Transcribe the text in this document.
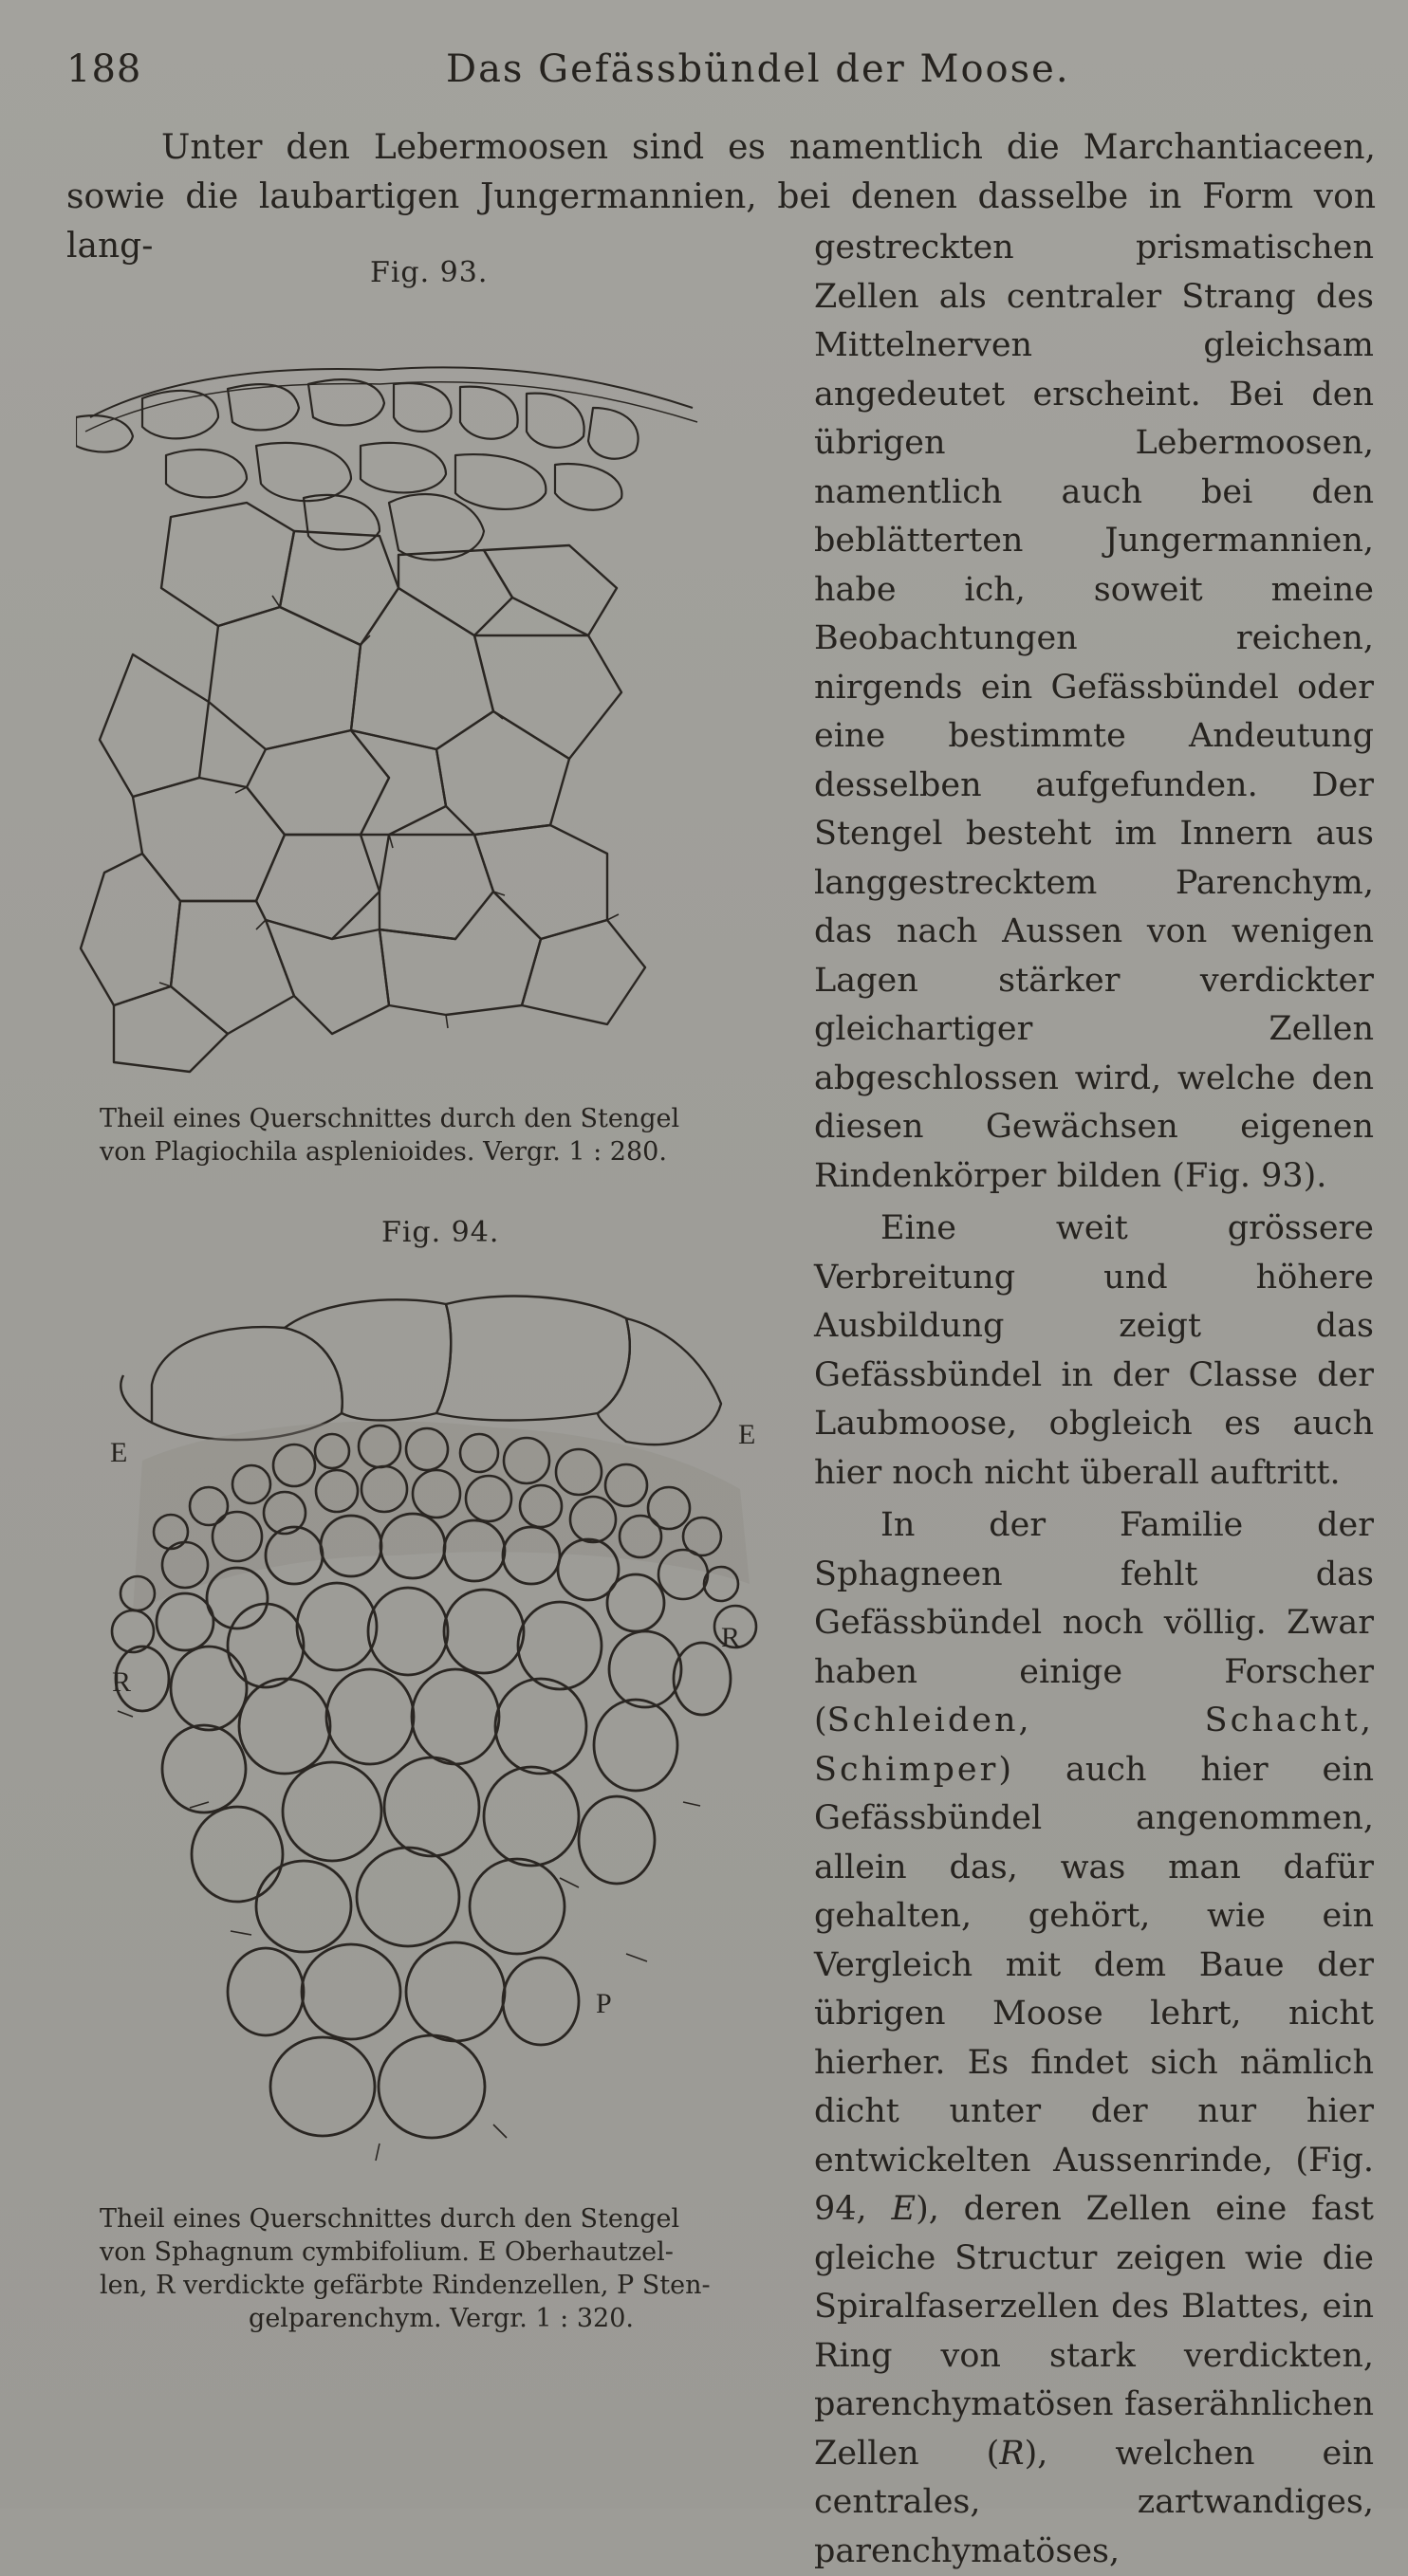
188	Das Gefässbündel der Moose.

Unter den Lebermoosen sind es namentlich die Marchantiaceen, sowie die laubartigen Jungermannien, bei denen dasselbe in Form von lang-

Fig. 93.
Theil eines Querschnittes durch den Stengel
von Plagiochila asplenioides. Vergr. 1 : 280.
Fig. 94.
E
E
R
R
P
Theil eines Querschnittes durch den Stengel
von Sphagnum cymbifolium. E Oberhautzel-
len, R verdickte gefärbte Rindenzellen, P Sten-
gelparenchym. Vergr. 1 : 320.

gestreckten prismatischen Zellen als centraler Strang des Mittelnerven gleichsam angedeutet erscheint. Bei den übrigen Lebermoosen, namentlich auch bei den beblätterten Jungermannien, habe ich, soweit meine Beobachtungen reichen, nirgends ein Gefässbündel oder eine bestimmte Andeutung desselben aufgefunden. Der Stengel besteht im Innern aus langgestrecktem Parenchym, das nach Aussen von wenigen Lagen stärker verdickter gleichartiger Zellen abgeschlossen wird, welche den diesen Gewächsen eigenen Rindenkörper bilden (Fig. 93).

Eine weit grössere Verbreitung und höhere Ausbildung zeigt das Gefässbündel in der Classe der Laubmoose, obgleich es auch hier noch nicht überall auftritt.

In der Familie der Sphagneen fehlt das Gefässbündel noch völlig. Zwar haben einige Forscher (Schleiden, Schacht, Schimper) auch hier ein Gefässbündel angenommen, allein das, was man dafür gehalten, gehört, wie ein Vergleich mit dem Baue der übrigen Moose lehrt, nicht hierher. Es findet sich nämlich dicht unter der nur hier entwickelten Aussenrinde, (Fig. 94, E), deren Zellen eine fast gleiche Structur zeigen wie die Spiralfaserzellen des Blattes, ein Ring von stark verdickten, parenchymatösen faserähnlichen Zellen (R), welchen ein centrales, zartwandiges, parenchymatöses,
